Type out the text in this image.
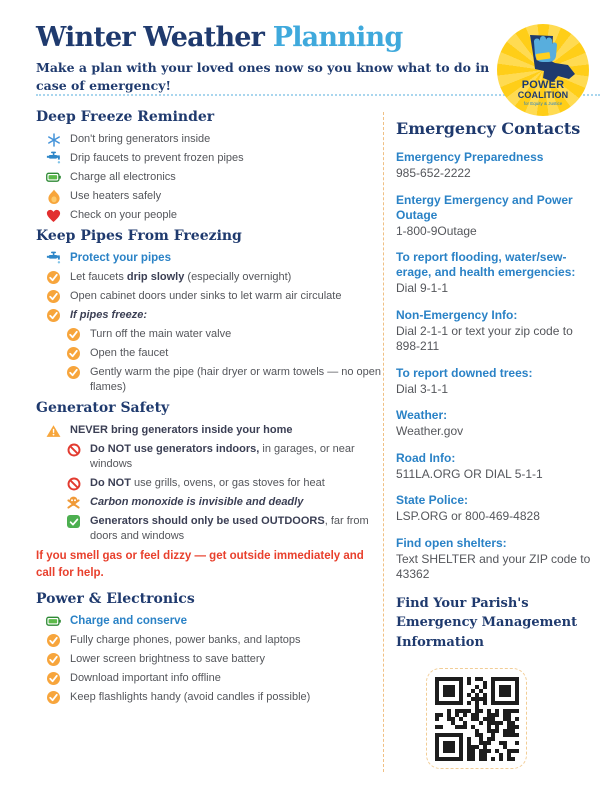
Winter Weather Planning

Make a plan with your loved ones now so you know what to do in case of emergency!	POWER
COALITION
for Equity & Justice
Deep Freeze Reminder
Don't bring generators inside
Drip faucets to prevent frozen pipes
Charge all electronics
Use heaters safely
Check on your people
Keep Pipes From Freezing
Protect your pipes
Let faucets drip slowly (especially overnight)
Open cabinet doors under sinks to let warm air circulate
If pipes freeze:
Turn off the main water valve
Open the faucet
Gently warm the pipe (hair dryer or warm towels — no open flames)
Generator Safety
NEVER bring generators inside your home
Do NOT use generators indoors, in garages, or near windows
Do NOT use grills, ovens, or gas stoves for heat
Carbon monoxide is invisible and deadly
Generators should only be used OUTDOORS, far from doors and windows

If you smell gas or feel dizzy — get outside immediately and call for help.

Power & Electronics
Charge and conserve
Fully charge phones, power banks, and laptops
Lower screen brightness to save battery
Download important info offline
Keep flashlights handy (avoid candles if possible)
Emergency Contacts
Emergency Preparedness
985-652-2222
Entergy Emergency and Power Outage
1-800-9Outage
To report flooding, water/sew-erage, and health emergencies:
Dial 9-1-1
Non-Emergency Info:
Dial 2-1-1 or text your zip code to 898-211
To report downed trees:
Dial 3-1-1
Weather:
Weather.gov
Road Info:
511LA.ORG OR DIAL 5-1-1
State Police:
LSP.ORG or 800-469-4828
Find open shelters:
Text SHELTER and your ZIP code to 43362

Find Your Parish's Emergency Management Information
